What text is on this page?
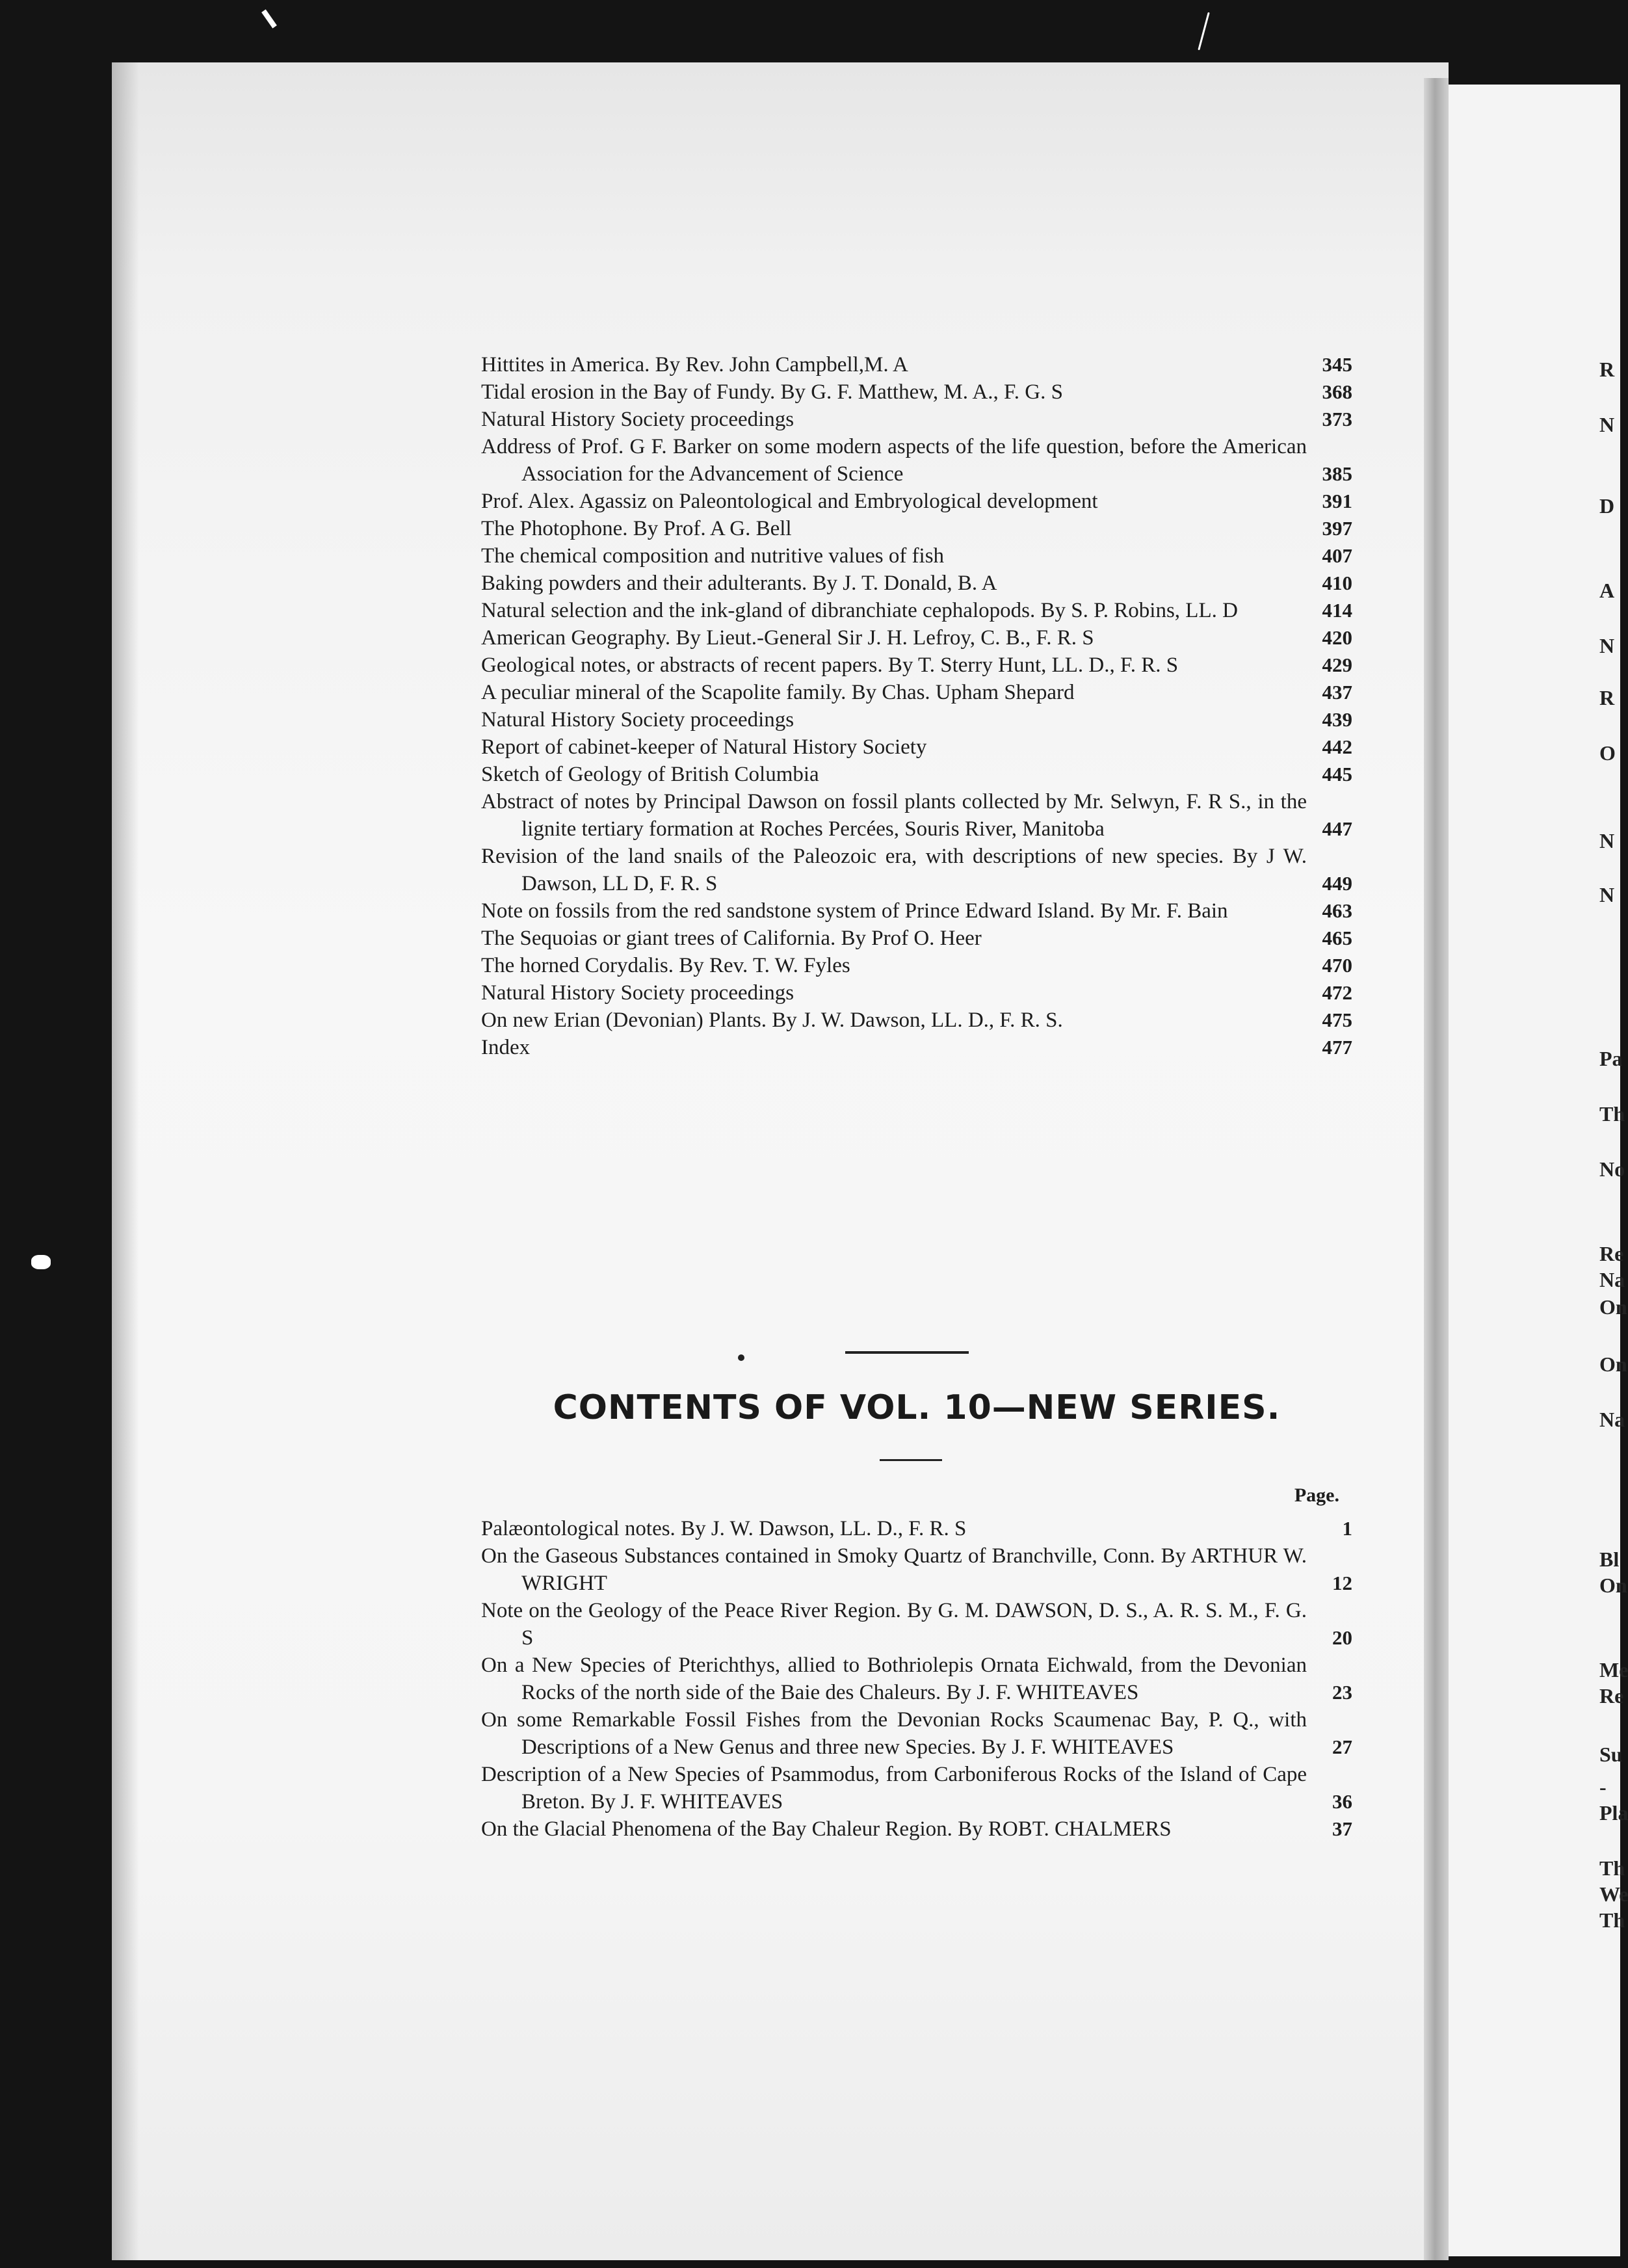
R
N
D
A
N
R
O
N
N
Pa
Th
No
Re
Na
On
On
Na
Bl
On
Me
Re
Su
-
Pla
Th
We
Th
Hittites in America. By Rev. John Campbell,M. A	345
Tidal erosion in the Bay of Fundy. By G. F. Matthew, M. A., F. G. S	368
Natural History Society proceedings	373
Address of Prof. G F. Barker on some modern aspects of the life question, before the American Association for the Advancement of Science	385
Prof. Alex. Agassiz on Paleontological and Embryological development	391
The Photophone. By Prof. A G. Bell	397
The chemical composition and nutritive values of fish	407
Baking powders and their adulterants. By J. T. Donald, B. A	410
Natural selection and the ink-gland of dibranchiate cephalopods. By S. P. Robins, LL. D	414
American Geography. By Lieut.-General Sir J. H. Lefroy, C. B., F. R. S	420
Geological notes, or abstracts of recent papers. By T. Sterry Hunt, LL. D., F. R. S	429
A peculiar mineral of the Scapolite family. By Chas. Upham Shepard	437
Natural History Society proceedings	439
Report of cabinet-keeper of Natural History Society	442
Sketch of Geology of British Columbia	445
Abstract of notes by Principal Dawson on fossil plants collected by Mr. Selwyn, F. R S., in the lignite tertiary formation at Roches Percées, Souris River, Manitoba	447
Revision of the land snails of the Paleozoic era, with descriptions of new species. By J W. Dawson, LL D, F. R. S	449
Note on fossils from the red sandstone system of Prince Edward Island. By Mr. F. Bain	463
The Sequoias or giant trees of California. By Prof O. Heer	465
The horned Corydalis. By Rev. T. W. Fyles	470
Natural History Society proceedings	472
On new Erian (Devonian) Plants. By J. W. Dawson, LL. D., F. R. S.	475
Index	477
CONTENTS OF VOL. 10—NEW SERIES.
Page.
Palæontological notes. By J. W. Dawson, LL. D., F. R. S	1
On the Gaseous Substances contained in Smoky Quartz of Branchville, Conn. By ARTHUR W. WRIGHT	12
Note on the Geology of the Peace River Region. By G. M. DAWSON, D. S., A. R. S. M., F. G. S	20
On a New Species of Pterichthys, allied to Bothriolepis Ornata Eichwald, from the Devonian Rocks of the north side of the Baie des Chaleurs. By J. F. WHITEAVES	23
On some Remarkable Fossil Fishes from the Devonian Rocks Scaumenac Bay, P. Q., with Descriptions of a New Genus and three new Species. By J. F. WHITEAVES	27
Description of a New Species of Psammodus, from Carboniferous Rocks of the Island of Cape Breton. By J. F. WHITEAVES	36
On the Glacial Phenomena of the Bay Chaleur Region. By ROBT. CHALMERS	37
